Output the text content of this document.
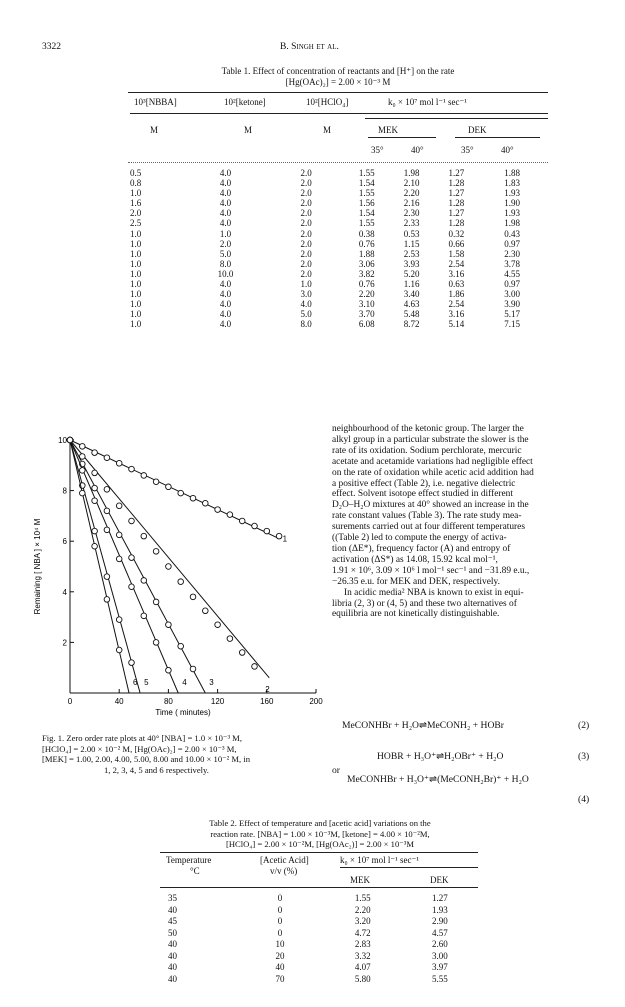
3322	B. Singh et al.
Table 1. Effect of concentration of reactants and [H⁺] on the rate
[Hg(OAc)₂] = 2.00 × 10⁻³ M
10³[NBBA]	10²[ketone]	10²[HClO₄]	k₀ × 10⁷ mol l⁻¹ sec⁻¹
M	M	M	MEK	DEK
35°	40°	35°	40°
0.5	4.0	2.0	1.55	1.98	1.27	1.88
0.8	4.0	2.0	1.54	2.10	1.28	1.83
1.0	4.0	2.0	1.55	2.20	1.27	1.93
1.6	4.0	2.0	1.56	2.16	1.28	1.90
2.0	4.0	2.0	1.54	2.30	1.27	1.93
2.5	4.0	2.0	1.55	2.33	1.28	1.98
1.0	1.0	2.0	0.38	0.53	0.32	0.43
1.0	2.0	2.0	0.76	1.15	0.66	0.97
1.0	5.0	2.0	1.88	2.53	1.58	2.30
1.0	8.0	2.0	3.06	3.93	2.54	3.78
1.0	10.0	2.0	3.82	5.20	3.16	4.55
1.0	4.0	1.0	0.76	1.16	0.63	0.97
1.0	4.0	3.0	2.20	3.40	1.86	3.00
1.0	4.0	4.0	3.10	4.63	2.54	3.90
1.0	4.0	5.0	3.70	5.48	3.16	5.17
1.0	4.0	8.0	6.08	8.72	5.14	7.15
0	40	80	120	160	200
2
4
6
8
10
Time ( minutes)
Remaining [ NBA ] × 10⁴ M	1
2
3
4
5
6
Fig. 1. Zero order rate plots at 40° [NBA] = 1.0 × 10⁻³ M,
[HClO₄] = 2.00 × 10⁻² M, [Hg(OAc)₂] = 2.00 × 10⁻³ M,
[MEK] = 1.00, 2.00, 4.00, 5.00, 8.00 and 10.00 × 10⁻² M, in
1, 2, 3, 4, 5 and 6 respectively.
neighbourhood of the ketonic group. The larger the
alkyl group in a particular substrate the slower is the
rate of its oxidation. Sodium perchlorate, mercuric
acetate and acetamide variations had negligible effect
on the rate of oxidation while acetic acid addition had
a positive effect (Table 2), i.e. negative dielectric
effect. Solvent isotope effect studied in different
D₂O–H₂O mixtures at 40° showed an increase in the
rate constant values (Table 3). The rate study mea-
surements carried out at four different temperatures
((Table 2) led to compute the energy of activa-
tion (ΔE*), frequency factor (A) and entropy of
activation (ΔS*) as 14.08, 15.92 kcal mol⁻¹,
1.91 × 10⁶, 3.09 × 10⁶ l mol⁻¹ sec⁻¹ and −31.89 e.u.,
−26.35 e.u. for MEK and DEK, respectively.
In acidic media² NBA is known to exist in equi-
libria (2, 3) or (4, 5) and these two alternatives of
equilibria are not kinetically distinguishable.
MeCONHBr + H₂O⇌MeCONH₂ + HOBr	(2)
HOBR + H₃O⁺⇌H₂OBr⁺ + H₂O	(3)
or
MeCONHBr + H₃O⁺⇌(MeCONH₂Br)⁺ + H₂O
(4)
Table 2. Effect of temperature and [acetic acid] variations on the
reaction rate. [NBA] = 1.00 × 10⁻³M, [ketone] = 4.00 × 10⁻²M,
[HClO₄] = 2.00 × 10⁻²M, [Hg(OAc₂)] = 2.00 × 10⁻³M
Temperature	[Acetic Acid]	k₀ × 10⁷ mol l⁻¹ sec⁻¹
°C	v/v (%)
MEK	DEK
35	0	1.55	1.27
40	0	2.20	1.93
45	0	3.20	2.90
50	0	4.72	4.57
40	10	2.83	2.60
40	20	3.32	3.00
40	40	4.07	3.97
40	70	5.80	5.55
